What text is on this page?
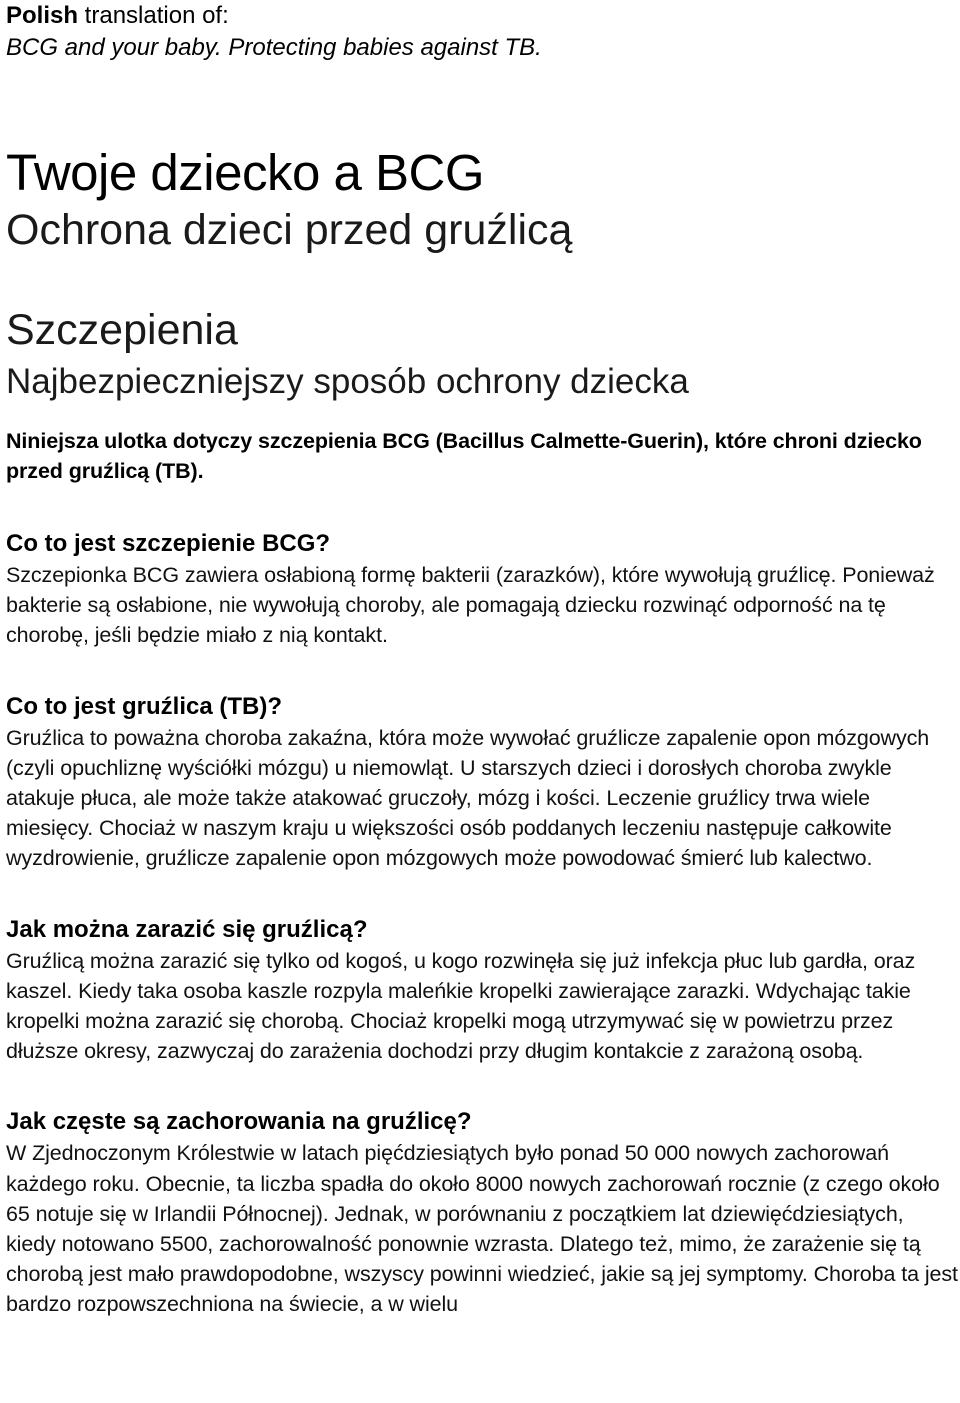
Polish translation of:

BCG and your baby. Protecting babies against TB.

Twoje dziecko a BCG
Ochrona dzieci przed gruźlicą
Szczepienia
Najbezpieczniejszy sposób ochrony dziecka

Niniejsza ulotka dotyczy szczepienia BCG (Bacillus Calmette-Guerin), które chroni dziecko przed gruźlicą (TB).

Co to jest szczepienie BCG?

Szczepionka BCG zawiera osłabioną formę bakterii (zarazków), które wywołują gruźlicę. Ponieważ bakterie są osłabione, nie wywołują choroby, ale pomagają dziecku rozwinąć odporność na tę chorobę, jeśli będzie miało z nią kontakt.

Co to jest gruźlica (TB)?

Gruźlica to poważna choroba zakaźna, która może wywołać gruźlicze zapalenie opon mózgowych (czyli opuchliznę wyściółki mózgu) u niemowląt. U starszych dzieci i dorosłych choroba zwykle atakuje płuca, ale może także atakować gruczoły, mózg i kości. Leczenie gruźlicy trwa wiele miesięcy. Chociaż w naszym kraju u większości osób poddanych leczeniu następuje całkowite wyzdrowienie, gruźlicze zapalenie opon mózgowych może powodować śmierć lub kalectwo.

Jak można zarazić się gruźlicą?

Gruźlicą można zarazić się tylko od kogoś, u kogo rozwinęła się już infekcja płuc lub gardła, oraz kaszel. Kiedy taka osoba kaszle rozpyla maleńkie kropelki zawierające zarazki. Wdychając takie kropelki można zarazić się chorobą. Chociaż kropelki mogą utrzymywać się w powietrzu przez dłuższe okresy, zazwyczaj do zarażenia dochodzi przy długim kontakcie z zarażoną osobą.

Jak częste są zachorowania na gruźlicę?

W Zjednoczonym Królestwie w latach pięćdziesiątych było ponad 50 000 nowych zachorowań każdego roku. Obecnie, ta liczba spadła do około 8000 nowych zachorowań rocznie (z czego około 65 notuje się w Irlandii Północnej). Jednak, w porównaniu z początkiem lat dziewięćdziesiątych, kiedy notowano 5500, zachorowalność ponownie wzrasta. Dlatego też, mimo, że zarażenie się tą chorobą jest mało prawdopodobne, wszyscy powinni wiedzieć, jakie są jej symptomy. Choroba ta jest bardzo rozpowszechniona na świecie, a w wielu
